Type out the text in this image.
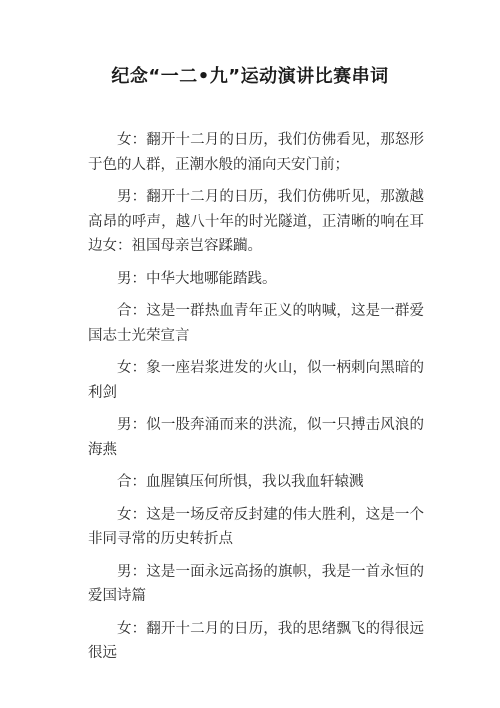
纪念“一二•九”运动演讲比赛串词

女：翻开十二月的日历，我们仿佛看见，那怒形于色的人群，正潮水般的涌向天安门前；

男：翻开十二月的日历，我们仿佛听见，那激越高昂的呼声，越八十年的时光隧道，正清晰的响在耳边女：祖国母亲岂容蹂躏。

男：中华大地哪能踏践。

合：这是一群热血青年正义的呐喊，这是一群爱国志士光荣宣言

女：象一座岩浆进发的火山，似一柄刺向黑暗的利剑

男：似一股奔涌而来的洪流，似一只搏击风浪的海燕

合：血腥镇压何所惧，我以我血轩辕溅

女：这是一场反帝反封建的伟大胜利，这是一个非同寻常的历史转折点

男：这是一面永远高扬的旗帜，我是一首永恒的爱国诗篇

女：翻开十二月的日历，我的思绪飘飞的得很远很远
